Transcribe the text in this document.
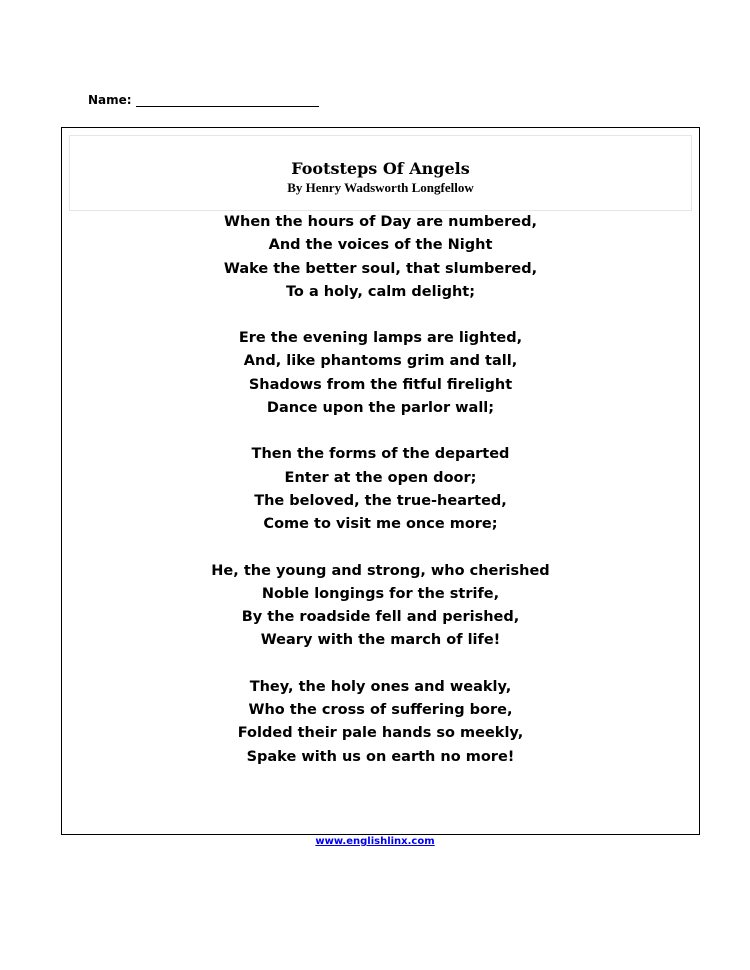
Name:
Footsteps Of Angels
By Henry Wadsworth Longfellow
When the hours of Day are numbered,
And the voices of the Night
Wake the better soul, that slumbered,
To a holy, calm delight;
Ere the evening lamps are lighted,
And, like phantoms grim and tall,
Shadows from the fitful firelight
Dance upon the parlor wall;
Then the forms of the departed
Enter at the open door;
The beloved, the true-hearted,
Come to visit me once more;
He, the young and strong, who cherished
Noble longings for the strife,
By the roadside fell and perished,
Weary with the march of life!
They, the holy ones and weakly,
Who the cross of suffering bore,
Folded their pale hands so meekly,
Spake with us on earth no more!
www.englishlinx.com
